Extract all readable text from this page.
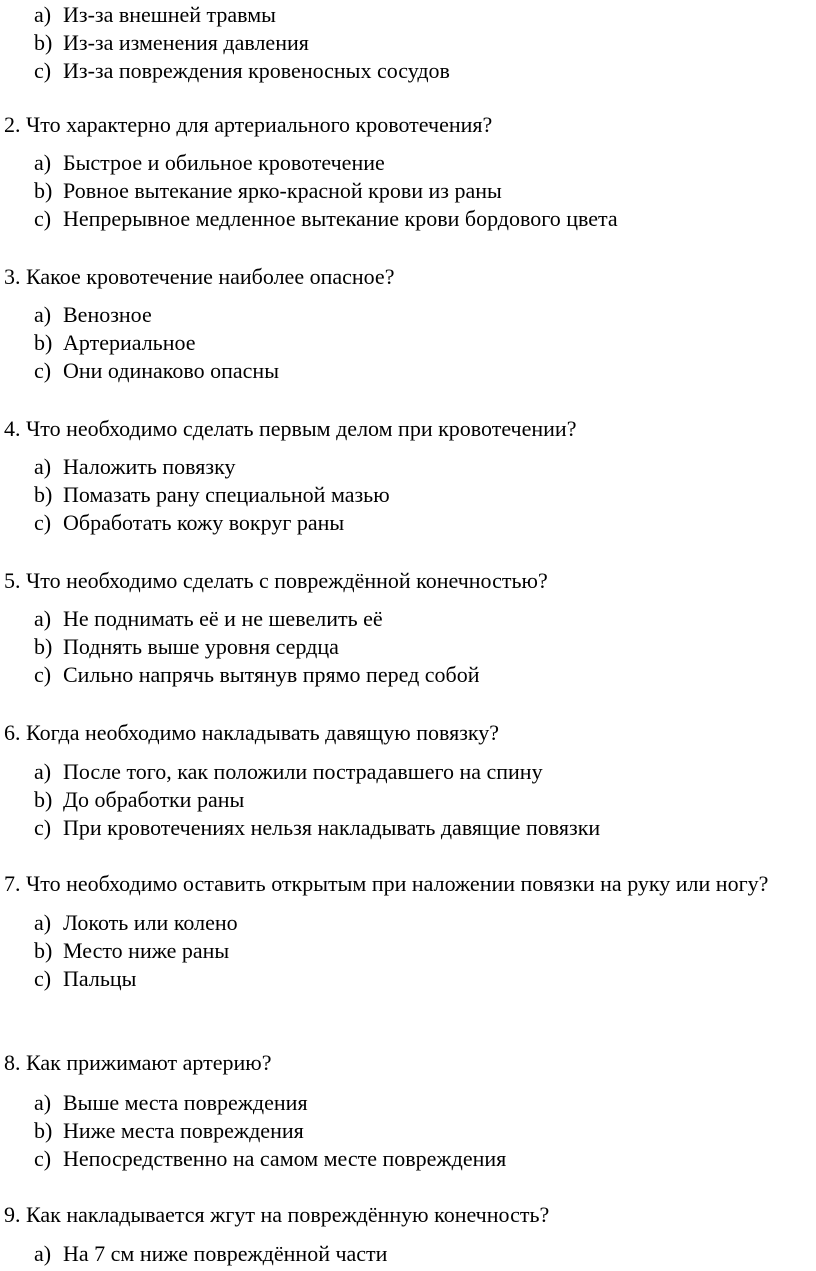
a) Из-за внешней травмы
b) Из-за изменения давления
c) Из-за повреждения кровеносных сосудов

2. Что характерно для артериального кровотечения?

a) Быстрое и обильное кровотечение
b) Ровное вытекание ярко-красной крови из раны
c) Непрерывное медленное вытекание крови бордового цвета

3. Какое кровотечение наиболее опасное?

a) Венозное
b) Артериальное
c) Они одинаково опасны

4. Что необходимо сделать первым делом при кровотечении?

a) Наложить повязку
b) Помазать рану специальной мазью
c) Обработать кожу вокруг раны

5. Что необходимо сделать с повреждённой конечностью?

a) Не поднимать её и не шевелить её
b) Поднять выше уровня сердца
c) Сильно напрячь вытянув прямо перед собой

6. Когда необходимо накладывать давящую повязку?

a) После того, как положили пострадавшего на спину
b) До обработки раны
c) При кровотечениях нельзя накладывать давящие повязки

7. Что необходимо оставить открытым при наложении повязки на руку или ногу?

a) Локоть или колено
b) Место ниже раны
c) Пальцы

8. Как прижимают артерию?

a) Выше места повреждения
b) Ниже места повреждения
c) Непосредственно на самом месте повреждения

9. Как накладывается жгут на повреждённую конечность?

a) На 7 см ниже повреждённой части
